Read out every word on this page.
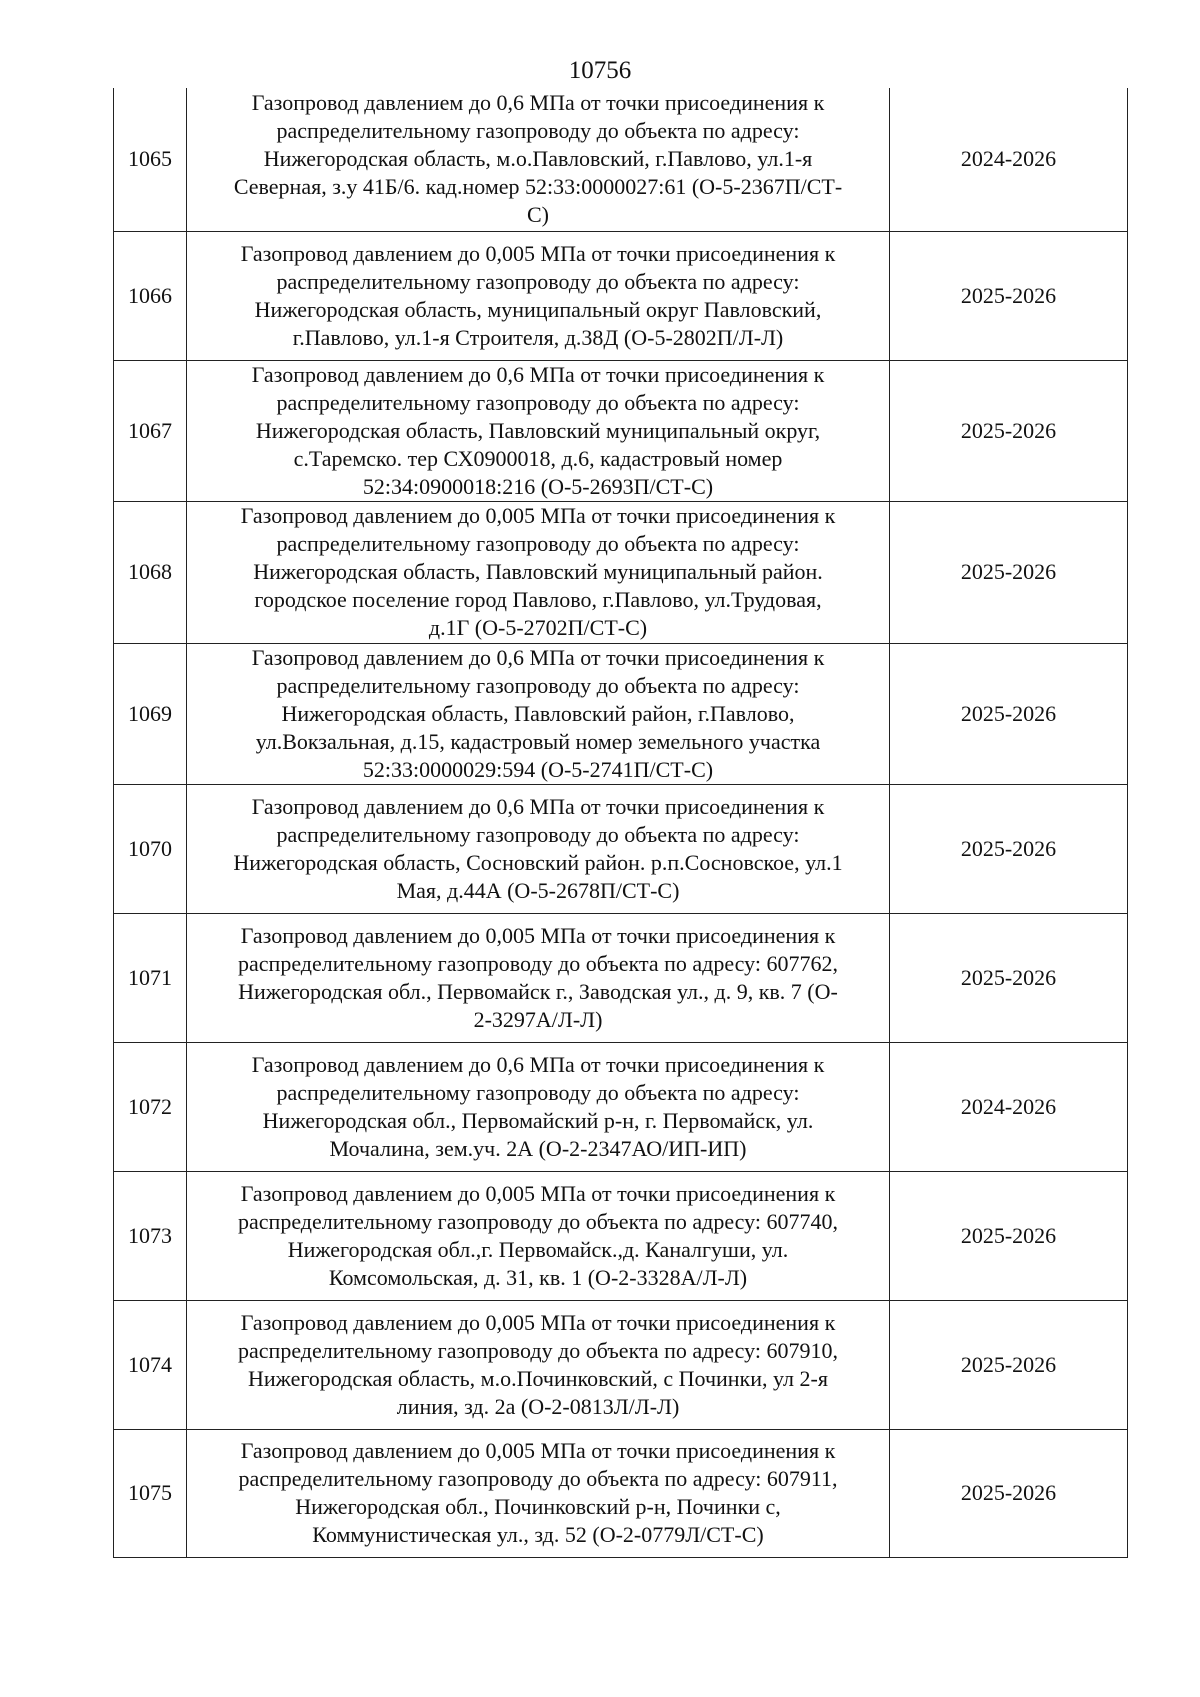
10756
1065	Газопровод давлением до 0,6 МПа от точки присоединения к
распределительному газопроводу до объекта по адресу:
Нижегородская область, м.о.Павловский, г.Павлово, ул.1-я
Северная, з.у 41Б/6. кад.номер 52:33:0000027:61 (О-5-2367П/СТ-
С)	2024-2026
1066	Газопровод давлением до 0,005 МПа от точки присоединения к
распределительному газопроводу до объекта по адресу:
Нижегородская область, муниципальный округ Павловский,
г.Павлово, ул.1-я Строителя, д.38Д (О-5-2802П/Л-Л)	2025-2026
1067	Газопровод давлением до 0,6 МПа от точки присоединения к
распределительному газопроводу до объекта по адресу:
Нижегородская область, Павловский муниципальный округ,
с.Таремско. тер СХ0900018, д.6, кадастровый номер
52:34:0900018:216 (О-5-2693П/СТ-С)	2025-2026
1068	Газопровод давлением до 0,005 МПа от точки присоединения к
распределительному газопроводу до объекта по адресу:
Нижегородская область, Павловский муниципальный район.
городское поселение город Павлово, г.Павлово, ул.Трудовая,
д.1Г (О-5-2702П/СТ-С)	2025-2026
1069	Газопровод давлением до 0,6 МПа от точки присоединения к
распределительному газопроводу до объекта по адресу:
Нижегородская область, Павловский район, г.Павлово,
ул.Вокзальная, д.15, кадастровый номер земельного участка
52:33:0000029:594 (О-5-2741П/СТ-С)	2025-2026
1070	Газопровод давлением до 0,6 МПа от точки присоединения к
распределительному газопроводу до объекта по адресу:
Нижегородская область, Сосновский район. р.п.Сосновское, ул.1
Мая, д.44А (О-5-2678П/СТ-С)	2025-2026
1071	Газопровод давлением до 0,005 МПа от точки присоединения к
распределительному газопроводу до объекта по адресу: 607762,
Нижегородская обл., Первомайск г., Заводская ул., д. 9, кв. 7 (О-
2-3297А/Л-Л)	2025-2026
1072	Газопровод давлением до 0,6 МПа от точки присоединения к
распределительному газопроводу до объекта по адресу:
Нижегородская обл., Первомайский р-н, г. Первомайск, ул.
Мочалина, зем.уч. 2А (О-2-2347АО/ИП-ИП)	2024-2026
1073	Газопровод давлением до 0,005 МПа от точки присоединения к
распределительному газопроводу до объекта по адресу: 607740,
Нижегородская обл.,г. Первомайск.,д. Каналгуши, ул.
Комсомольская, д. 31, кв. 1 (О-2-3328А/Л-Л)	2025-2026
1074	Газопровод давлением до 0,005 МПа от точки присоединения к
распределительному газопроводу до объекта по адресу: 607910,
Нижегородская область, м.о.Починковский, с Починки, ул 2-я
линия, зд. 2а (О-2-0813Л/Л-Л)	2025-2026
1075	Газопровод давлением до 0,005 МПа от точки присоединения к
распределительному газопроводу до объекта по адресу: 607911,
Нижегородская обл., Починковский р-н, Починки с,
Коммунистическая ул., зд. 52 (О-2-0779Л/СТ-С)	2025-2026
